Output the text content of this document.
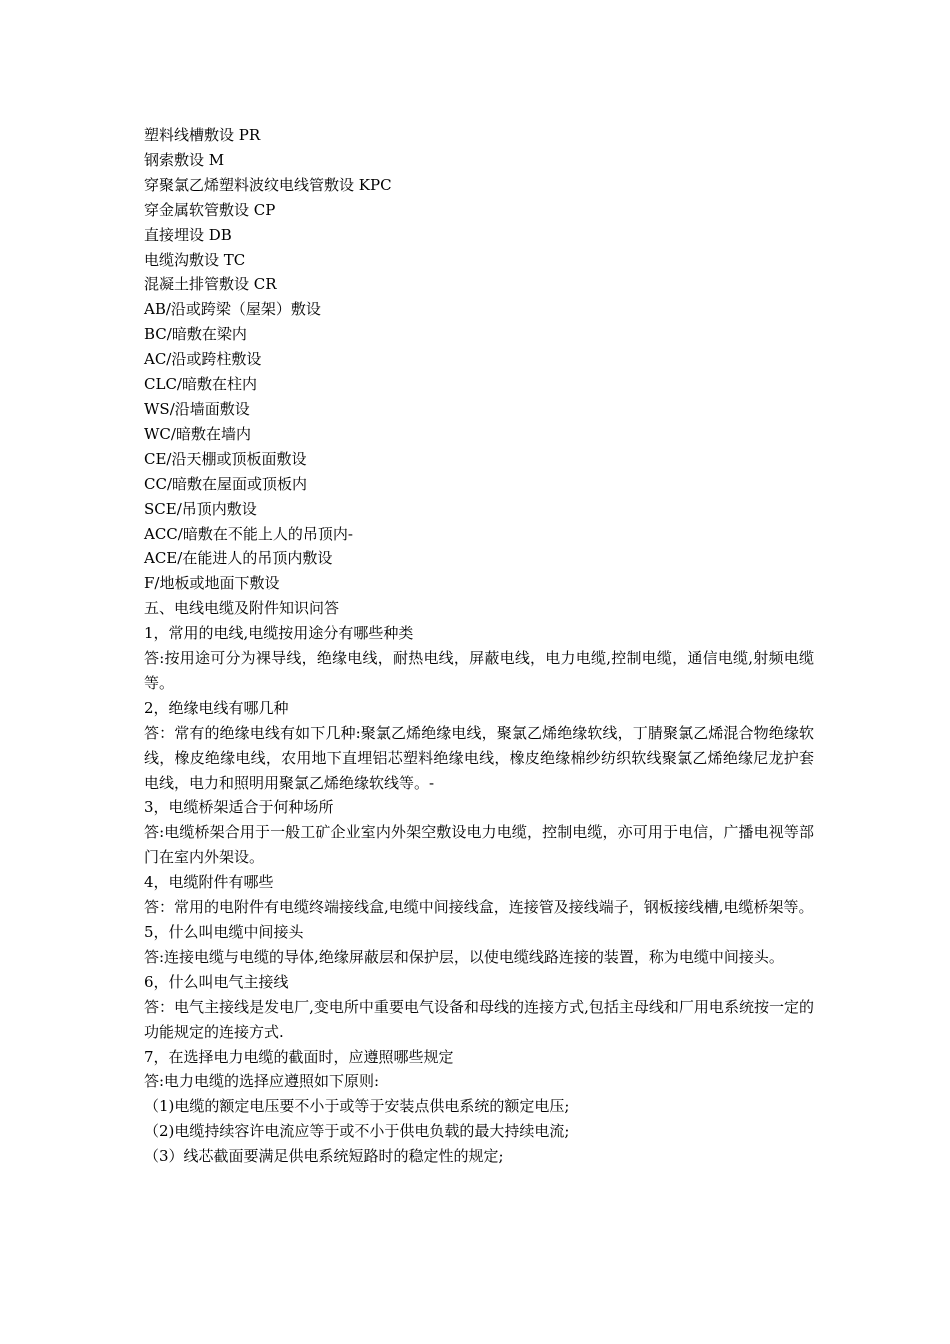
塑料线槽敷设 PR
钢索敷设 M
穿聚氯乙烯塑料波纹电线管敷设 KPC
穿金属软管敷设 CP
直接埋设 DB
电缆沟敷设 TC
混凝土排管敷设 CR
AB/沿或跨梁（屋架）敷设
BC/暗敷在梁内
AC/沿或跨柱敷设
CLC/暗敷在柱内
WS/沿墙面敷设
WC/暗敷在墙内
CE/沿天棚或顶板面敷设
CC/暗敷在屋面或顶板内
SCE/吊顶内敷设
ACC/暗敷在不能上人的吊顶内-
ACE/在能进人的吊顶内敷设
F/地板或地面下敷设
五、电线电缆及附件知识问答
1，常用的电线,电缆按用途分有哪些种类
答:按用途可分为裸导线，绝缘电线，耐热电线，屏蔽电线，电力电缆,控制电缆，通信电缆,射频电缆等。
2，绝缘电线有哪几种
答：常有的绝缘电线有如下几种:聚氯乙烯绝缘电线，聚氯乙烯绝缘软线，丁腈聚氯乙烯混合物绝缘软线，橡皮绝缘电线，农用地下直埋铝芯塑料绝缘电线，橡皮绝缘棉纱纺织软线聚氯乙烯绝缘尼龙护套电线，电力和照明用聚氯乙烯绝缘软线等。-
3，电缆桥架适合于何种场所
答:电缆桥架合用于一般工矿企业室内外架空敷设电力电缆，控制电缆，亦可用于电信，广播电视等部门在室内外架设。
4，电缆附件有哪些
答：常用的电附件有电缆终端接线盒,电缆中间接线盒，连接管及接线端子，钢板接线槽,电缆桥架等。
5，什么叫电缆中间接头
答:连接电缆与电缆的导体,绝缘屏蔽层和保护层，以使电缆线路连接的装置，称为电缆中间接头。
6，什么叫电气主接线
答：电气主接线是发电厂,变电所中重要电气设备和母线的连接方式,包括主母线和厂用电系统按一定的功能规定的连接方式.
7，在选择电力电缆的截面时，应遵照哪些规定
答:电力电缆的选择应遵照如下原则:
（1)电缆的额定电压要不小于或等于安装点供电系统的额定电压;
（2)电缆持续容许电流应等于或不小于供电负载的最大持续电流;
（3）线芯截面要满足供电系统短路时的稳定性的规定;
